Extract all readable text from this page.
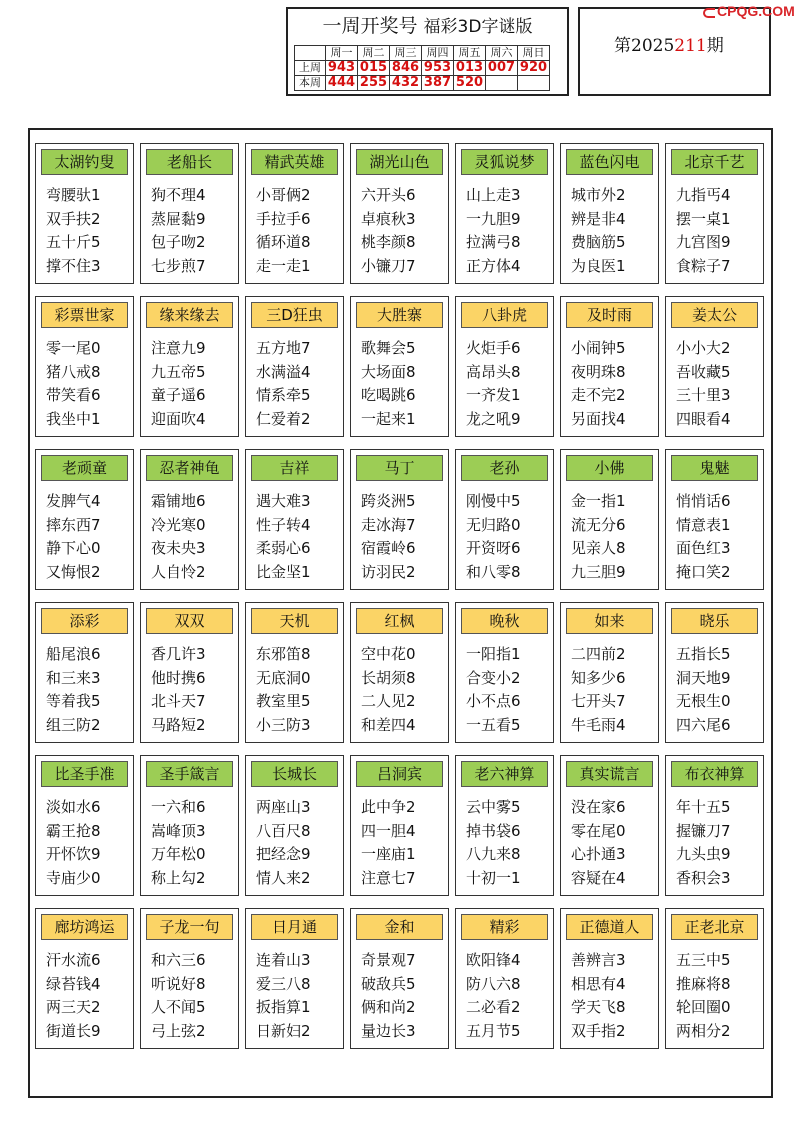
一周开奖号 福彩3D字谜版
	周一	周二	周三	周四	周五	周六	周日
上周	943	015	846	953	013	007	920
本周	444	255	432	387	520		
第2025211期
CPQG.COM
太湖钓叟
弯腰驮1
双手扶2
五十斤5
撑不住3
老船长
狗不理4
蒸屉黏9
包子吻2
七步煎7
精武英雄
小哥俩2
手拉手6
循环道8
走一走1
湖光山色
六开头6
卓痕秋3
桃李颜8
小镰刀7
灵狐说梦
山上走3
一九胆9
拉满弓8
正方体4
蓝色闪电
城市外2
辨是非4
费脑筋5
为良医1
北京千艺
九指丐4
摆一桌1
九宫图9
食粽子7
彩票世家
零一尾0
猪八戒8
带笑看6
我坐中1
缘来缘去
注意九9
九五帝5
童子遥6
迎面吹4
三D狂虫
五方地7
水满溢4
情系牵5
仁爱着2
大胜寨
歌舞会5
大场面8
吃喝跳6
一起来1
八卦虎
火炬手6
高昂头8
一齐发1
龙之吼9
及时雨
小闹钟5
夜明珠8
走不完2
另面找4
姜太公
小小大2
吾收藏5
三十里3
四眼看4
老顽童
发脾气4
摔东西7
静下心0
又悔恨2
忍者神龟
霜铺地6
冷光寒0
夜未央3
人自怜2
吉祥
遇大难3
性子转4
柔弱心6
比金坚1
马丁
跨炎洲5
走冰海7
宿霞岭6
访羽民2
老孙
刚慢中5
无归路0
开资呀6
和八零8
小佛
金一指1
流无分6
见亲人8
九三胆9
鬼魅
悄悄话6
情意表1
面色红3
掩口笑2
添彩
船尾浪6
和三来3
等着我5
组三防2
双双
香几许3
他时携6
北斗天7
马路短2
天机
东邪笛8
无底洞0
教室里5
小三防3
红枫
空中花0
长胡须8
二人见2
和差四4
晚秋
一阳指1
合变小2
小不点6
一五看5
如来
二四前2
知多少6
七开头7
牛毛雨4
晓乐
五指长5
洞天地9
无根生0
四六尾6
比圣手准
淡如水6
霸王抢8
开怀饮9
寺庙少0
圣手箴言
一六和6
嵩峰顶3
万年松0
称上勾2
长城长
两座山3
八百尺8
把经念9
情人来2
吕洞宾
此中争2
四一胆4
一座庙1
注意七7
老六神算
云中雾5
掉书袋6
八九来8
十初一1
真实谎言
没在家6
零在尾0
心扑通3
容疑在4
布衣神算
年十五5
握镰刀7
九头虫9
香积会3
廊坊鸿运
汗水流6
绿苔钱4
两三天2
街道长9
子龙一句
和六三6
听说好8
人不闻5
弓上弦2
日月通
连着山3
爱三八8
扳指算1
日新妇2
金和
奇景观7
破敌兵5
俩和尚2
量边长3
精彩
欧阳锋4
防八六8
二必看2
五月节5
正德道人
善辨言3
相思有4
学天飞8
双手指2
正老北京
五三中5
推麻将8
轮回圈0
两相分2
